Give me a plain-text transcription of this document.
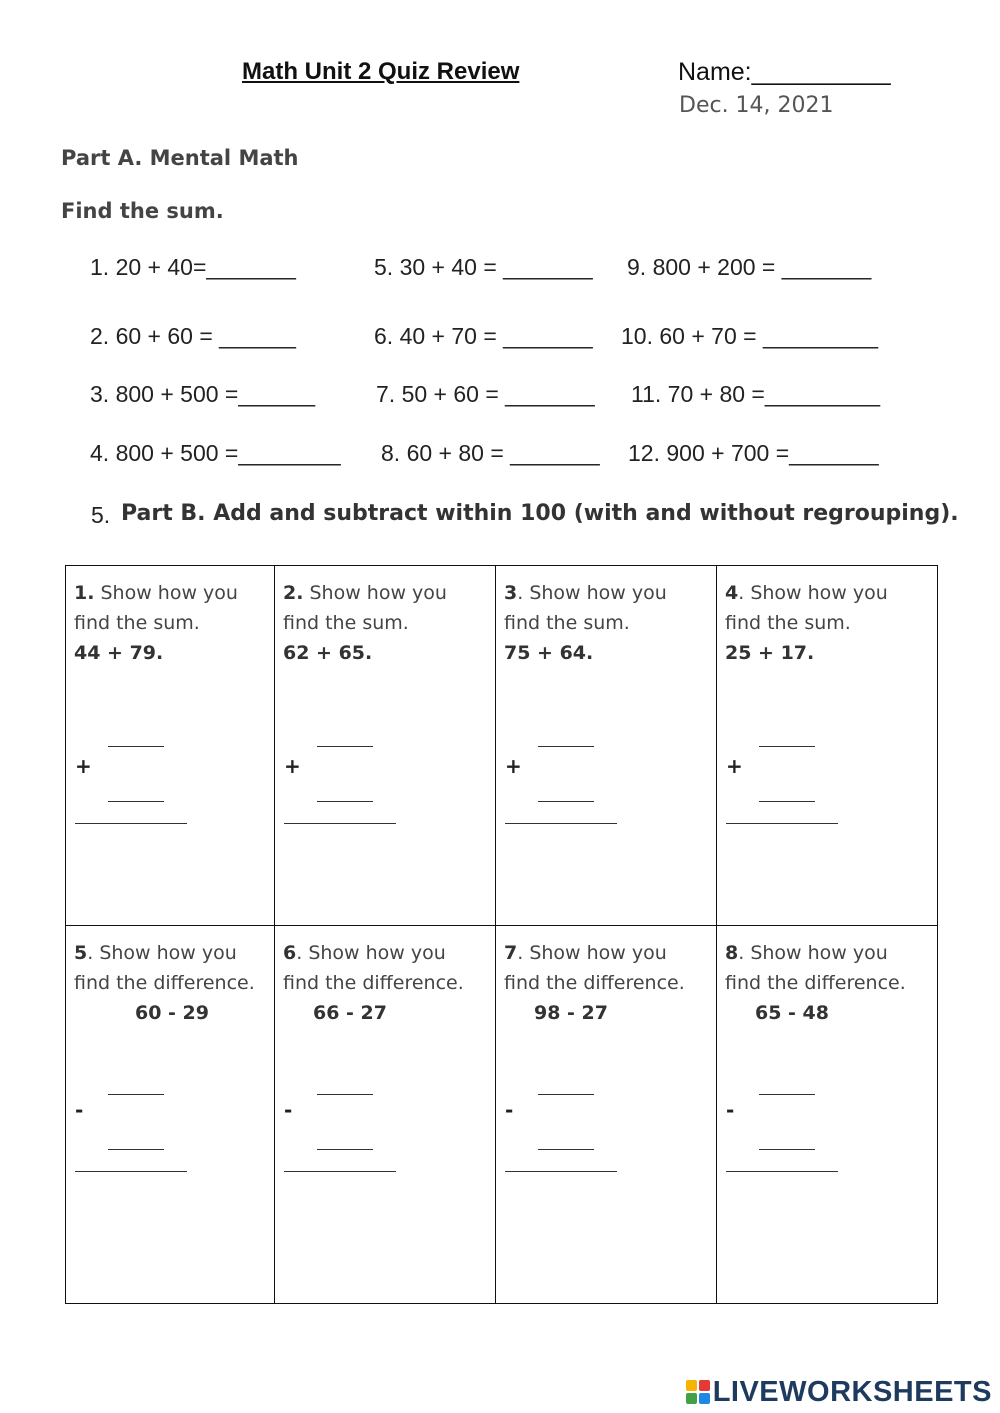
Math Unit 2 Quiz Review	Name:__________
Dec. 14, 2021
Part A. Mental Math
Find the sum.
1. 20 + 40=_______	5. 30 + 40 = _______ 9. 800 + 200 = _______
2. 60 + 60 = ______	6. 40 + 70 = _______ 10. 60 + 70 = _________
3. 800 + 500 =______	7. 50 + 60 = _______ 11. 70 + 80 =_________
4. 800 + 500 =________ 8. 60 + 80 = _______ 12. 900 + 700 =_______
5. Part B. Add and subtract within 100 (with and without regrouping).
1. Show how you
find the sum.
44 + 79.
+
2. Show how you
find the sum.
62 + 65.
+
3. Show how you
find the sum.
75 + 64.
+
4. Show how you
find the sum.
25 + 17.
+
5. Show how you
find the difference.
60 - 29
-
6. Show how you
find the difference.
66 - 27
-
7. Show how you
find the difference.
98 - 27
-
8. Show how you
find the difference.
65 - 48
-
LIVEWORKSHEETS
